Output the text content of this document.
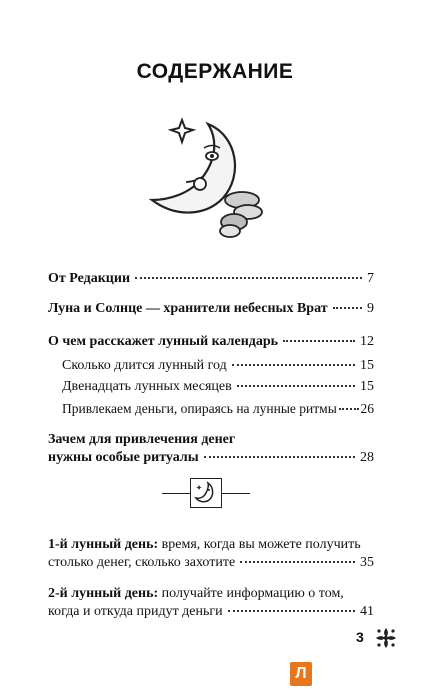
СОДЕРЖАНИЕ
От Редакции	7
Луна и Солнце — хранители небесных Врат	9
О чем расскажет лунный календарь	12
Сколько длится лунный год	15
Двенадцать лунных месяцев	15
Привлекаем деньги, опираясь на лунные ритмы 26
Зачем для привлечения денег
нужны особые ритуалы	28
1-й лунный день: время, когда вы можете получить
столько денег, сколько захотите	35
2-й лунный день: получайте информацию о том,
когда и откуда придут деньги	41
3
Л
